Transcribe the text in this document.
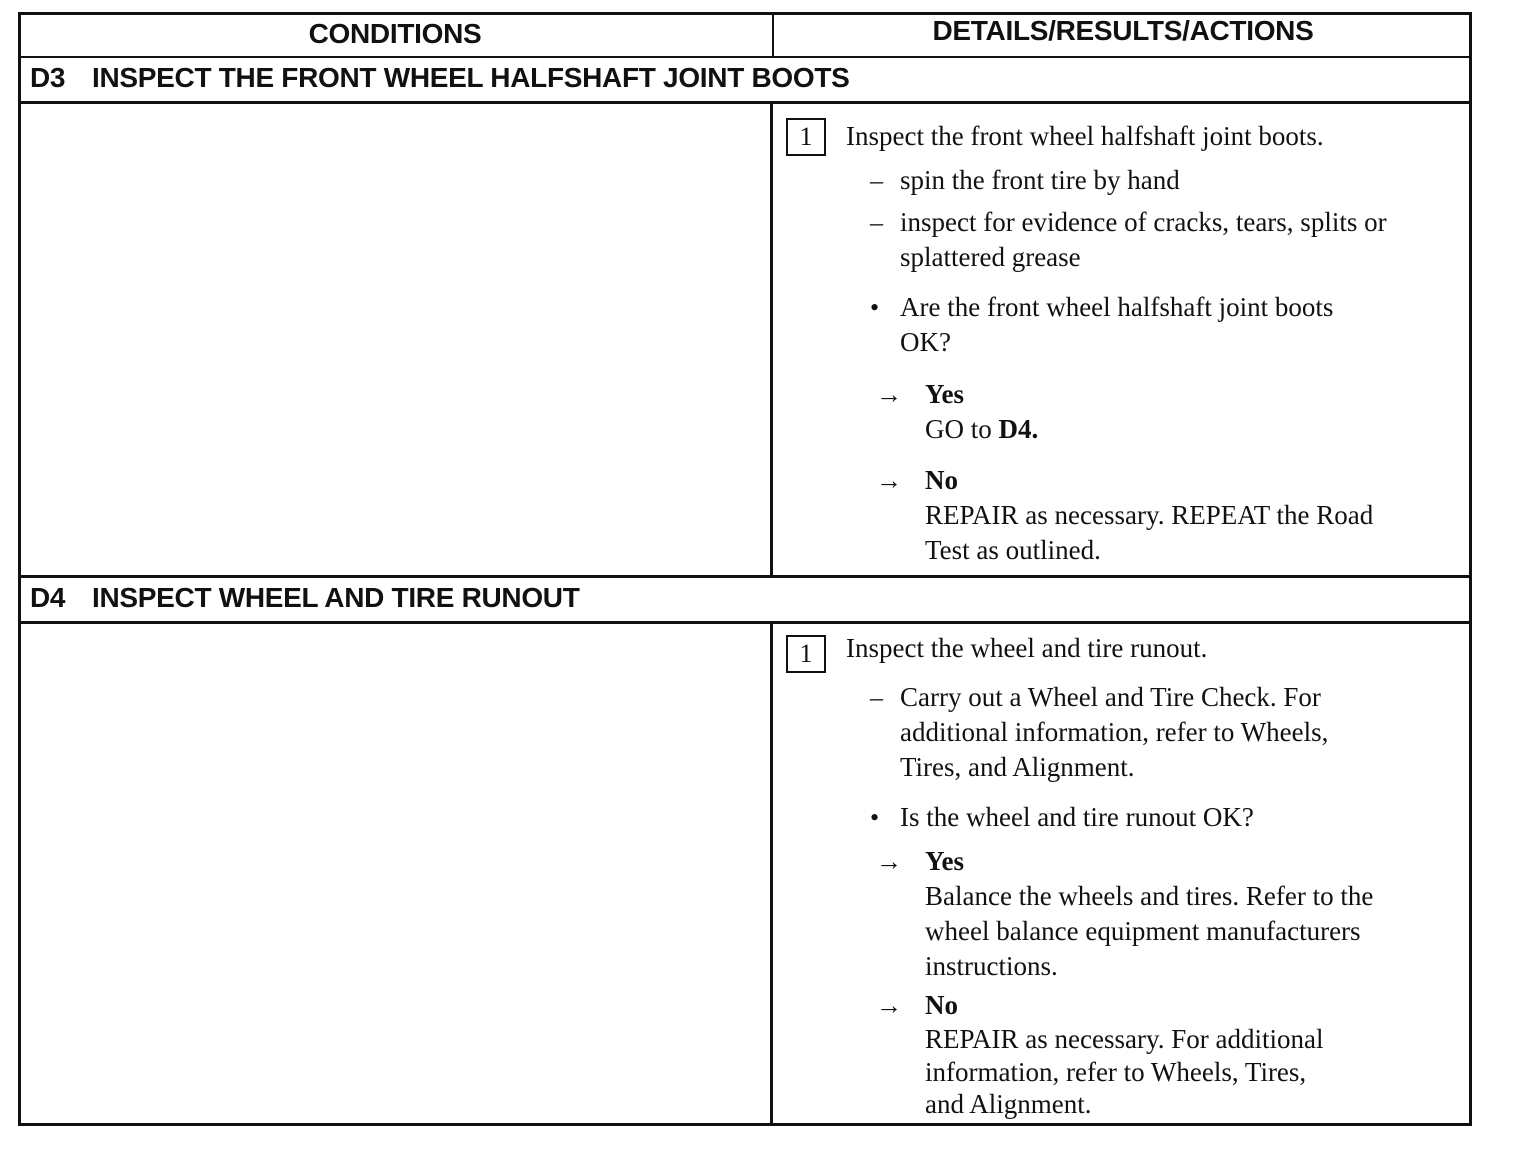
CONDITIONS	DETAILS/RESULTS/ACTIONS
D3 INSPECT THE FRONT WHEEL HALFSHAFT JOINT BOOTS
1	Inspect the front wheel halfshaft joint boots.
– spin the front tire by hand
– inspect for evidence of cracks, tears, splits or
splattered grease
• Are the front wheel halfshaft joint boots
OK?
→ Yes
GO to D4.
→ No
REPAIR as necessary. REPEAT the Road
Test as outlined.
D4 INSPECT WHEEL AND TIRE RUNOUT
1	Inspect the wheel and tire runout.
– Carry out a Wheel and Tire Check. For
additional information, refer to Wheels,
Tires, and Alignment.
• Is the wheel and tire runout OK?
→ Yes
Balance the wheels and tires. Refer to the
wheel balance equipment manufacturers
instructions.
→ No
REPAIR as necessary. For additional
information, refer to Wheels, Tires,
and Alignment.
